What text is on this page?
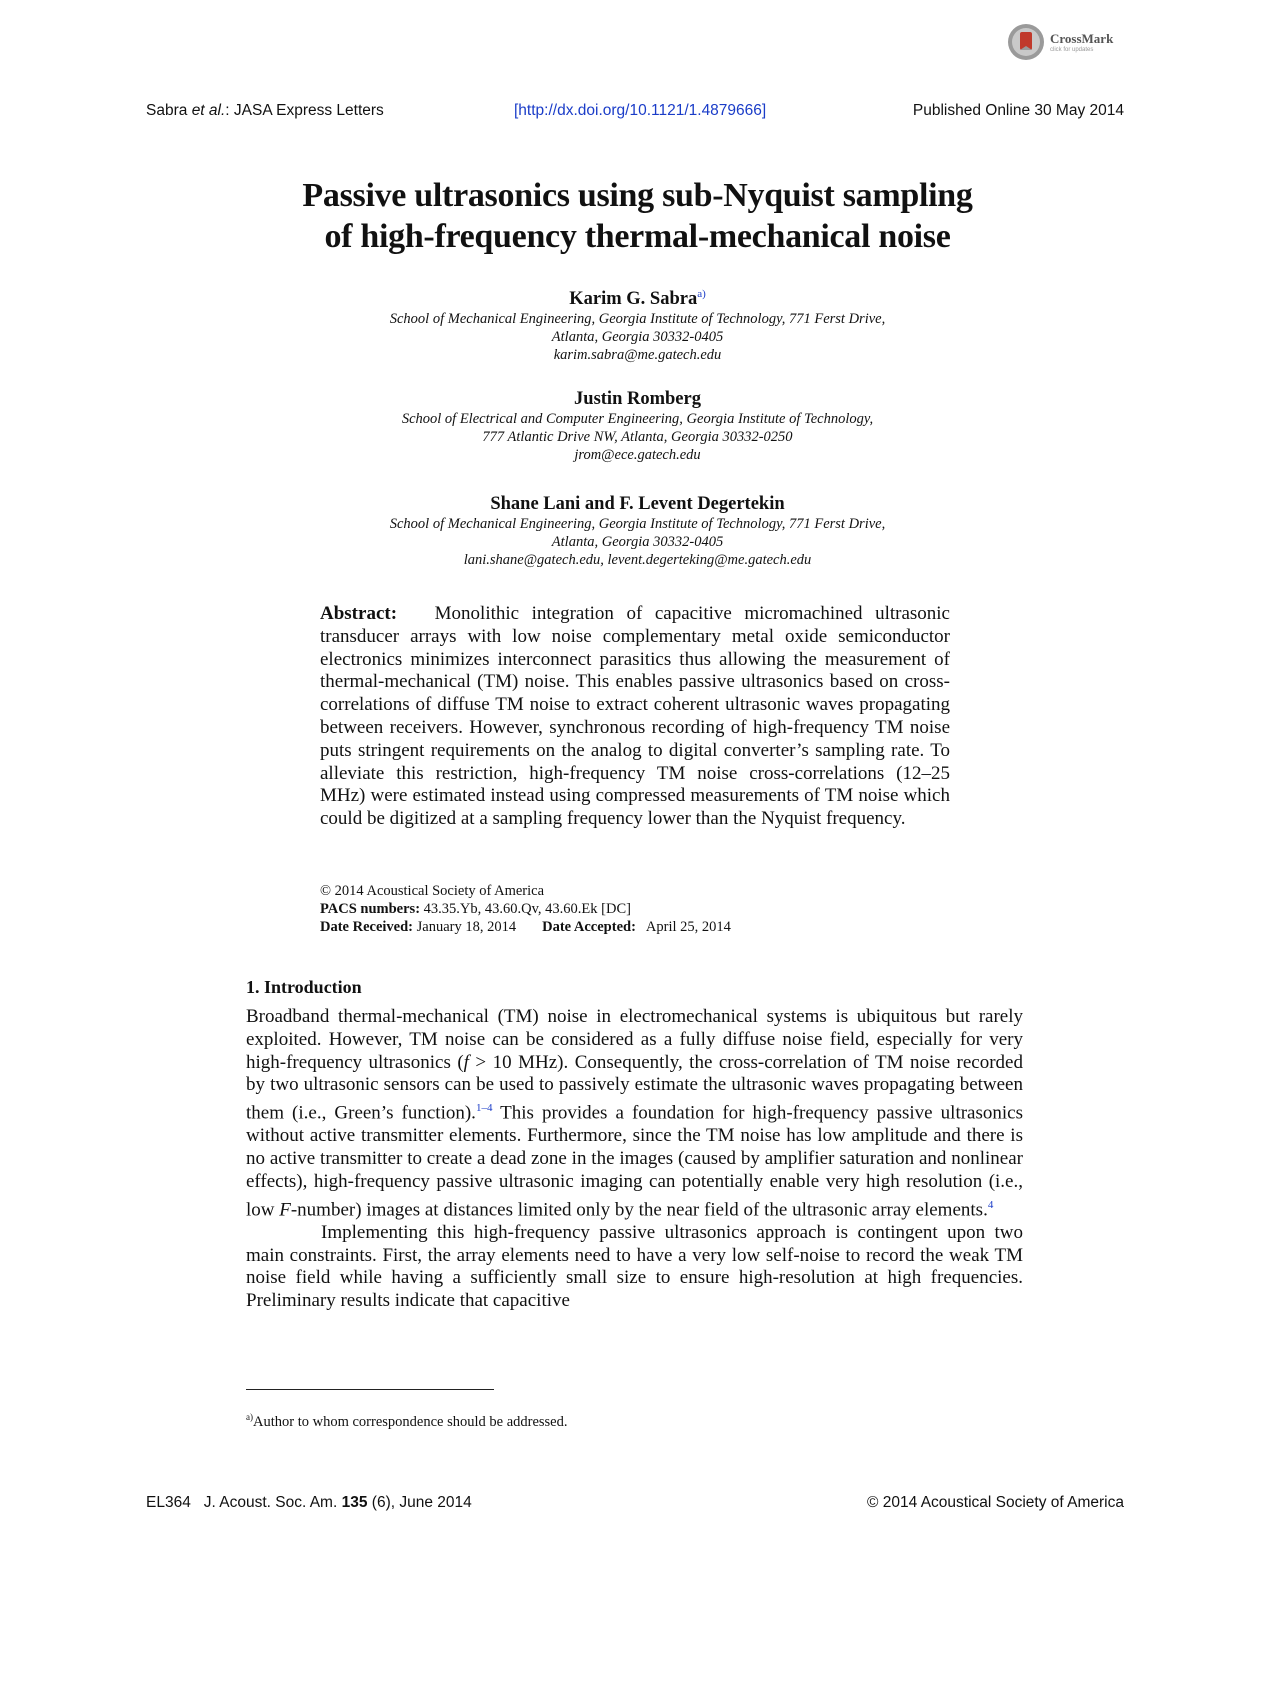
CrossMark
click for updates
Sabra et al.: JASA Express Letters	[http://dx.doi.org/10.1121/1.4879666]	Published Online 30 May 2014
Passive ultrasonics using sub-Nyquist sampling
of high-frequency thermal-mechanical noise
Karim G. Sabra$^{a)}$
School of Mechanical Engineering, Georgia Institute of Technology, 771 Ferst Drive,
Atlanta, Georgia 30332-0405
karim.sabra@me.gatech.edu
Justin Romberg
School of Electrical and Computer Engineering, Georgia Institute of Technology,
777 Atlantic Drive NW, Atlanta, Georgia 30332-0250
jrom@ece.gatech.edu
Shane Lani and F. Levent Degertekin
School of Mechanical Engineering, Georgia Institute of Technology, 771 Ferst Drive,
Atlanta, Georgia 30332-0405
lani.shane@gatech.edu, levent.degerteking@me.gatech.edu
Abstract: Monolithic integration of capacitive micromachined ultrasonic transducer arrays with low noise complementary metal oxide semiconductor electronics minimizes interconnect parasitics thus allowing the measurement of thermal-mechanical (TM) noise. This enables passive ultrasonics based on cross-correlations of diffuse TM noise to extract coherent ultrasonic waves propagating between receivers. However, synchronous recording of high-frequency TM noise puts stringent requirements on the analog to digital converter’s sampling rate. To alleviate this restriction, high-frequency TM noise cross-correlations (12–25 MHz) were estimated instead using compressed measurements of TM noise which could be digitized at a sampling frequency lower than the Nyquist frequency.
© 2014 Acoustical Society of America
PACS numbers: 43.35.Yb, 43.60.Qv, 43.60.Ek [DC]
Date Received: January 18, 2014 Date Accepted: April 25, 2014
1. Introduction

Broadband thermal-mechanical (TM) noise in electromechanical systems is ubiquitous but rarely exploited. However, TM noise can be considered as a fully diffuse noise field, especially for very high-frequency ultrasonics (f > 10 MHz). Consequently, the cross-correlation of TM noise recorded by two ultrasonic sensors can be used to passively estimate the ultrasonic waves propagating between them (i.e., Green’s function).$^{1-4}$ This provides a foundation for high-frequency passive ultrasonics without active transmitter elements. Furthermore, since the TM noise has low amplitude and there is no active transmitter to create a dead zone in the images (caused by amplifier saturation and nonlinear effects), high-frequency passive ultrasonic imaging can potentially enable very high resolution (i.e., low F-number) images at distances limited only by the near field of the ultrasonic array elements.$^4$

Implementing this high-frequency passive ultrasonics approach is contingent upon two main constraints. First, the array elements need to have a very low self-noise to record the weak TM noise field while having a sufficiently small size to ensure high-resolution at high frequencies. Preliminary results indicate that capacitive

$^{a)}$Author to whom correspondence should be addressed.
EL364 J. Acoust. Soc. Am. 135 (6), June 2014	© 2014 Acoustical Society of America
